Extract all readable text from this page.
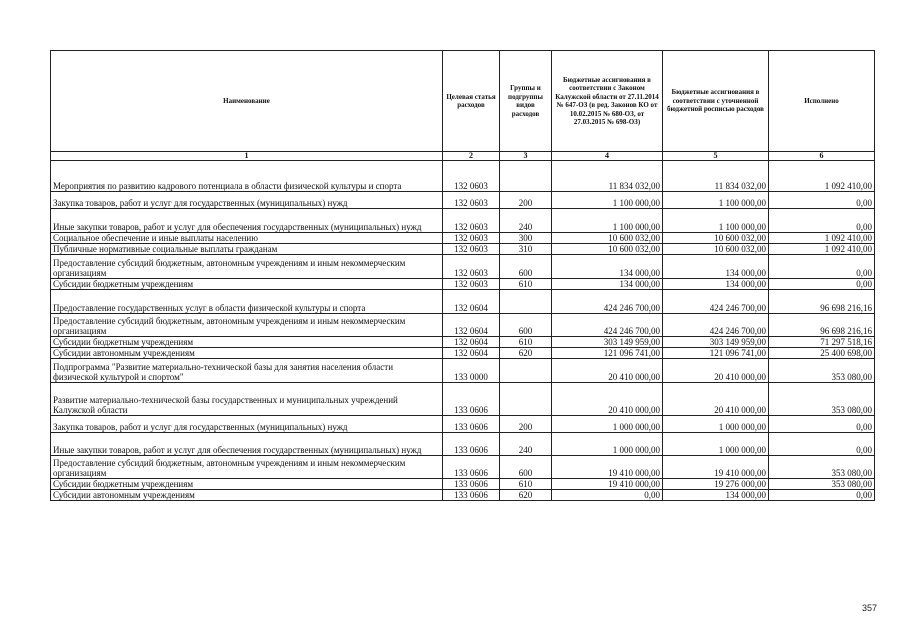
Наименование	Целевая статья расходов	Группы и подгруппы видов расходов	Бюджетные ассигнования в соответствии с Законом Калужской области от 27.11.2014 № 647-ОЗ (в ред. Законов КО от 10.02.2015 № 680-ОЗ, от 27.03.2015 № 698-ОЗ)	Бюджетные ассигнования в соответствии с уточненной бюджетной росписью расходов	Исполнено
1	2	3	4	5	6
Мероприятия по развитию кадрового потенциала в области физической культуры и спорта	132 0603		11 834 032,00	11 834 032,00	1 092 410,00
Закупка товаров, работ и услуг для государственных (муниципальных) нужд	132 0603	200	1 100 000,00	1 100 000,00	0,00
Иные закупки товаров, работ и услуг для обеспечения государственных (муниципальных) нужд	132 0603	240	1 100 000,00	1 100 000,00	0,00
Социальное обеспечение и иные выплаты населению	132 0603	300	10 600 032,00	10 600 032,00	1 092 410,00
Публичные нормативные социальные выплаты гражданам	132 0603	310	10 600 032,00	10 600 032,00	1 092 410,00
Предоставление субсидий бюджетным, автономным учреждениям и иным некоммерческим организациям	132 0603	600	134 000,00	134 000,00	0,00
Субсидии бюджетным учреждениям	132 0603	610	134 000,00	134 000,00	0,00
Предоставление государственных услуг в области физической культуры и спорта	132 0604		424 246 700,00	424 246 700,00	96 698 216,16
Предоставление субсидий бюджетным, автономным учреждениям и иным некоммерческим организациям	132 0604	600	424 246 700,00	424 246 700,00	96 698 216,16
Субсидии бюджетным учреждениям	132 0604	610	303 149 959,00	303 149 959,00	71 297 518,16
Субсидии автономным учреждениям	132 0604	620	121 096 741,00	121 096 741,00	25 400 698,00
Подпрограмма "Развитие материально-технической базы для занятия населения области физической культурой и спортом"	133 0000		20 410 000,00	20 410 000,00	353 080,00
Развитие материально-технической базы государственных и муниципальных учреждений Калужской области	133 0606		20 410 000,00	20 410 000,00	353 080,00
Закупка товаров, работ и услуг для государственных (муниципальных) нужд	133 0606	200	1 000 000,00	1 000 000,00	0,00
Иные закупки товаров, работ и услуг для обеспечения государственных (муниципальных) нужд	133 0606	240	1 000 000,00	1 000 000,00	0,00
Предоставление субсидий бюджетным, автономным учреждениям и иным некоммерческим организациям	133 0606	600	19 410 000,00	19 410 000,00	353 080,00
Субсидии бюджетным учреждениям	133 0606	610	19 410 000,00	19 276 000,00	353 080,00
Субсидии автономным учреждениям	133 0606	620	0,00	134 000,00	0,00
357
